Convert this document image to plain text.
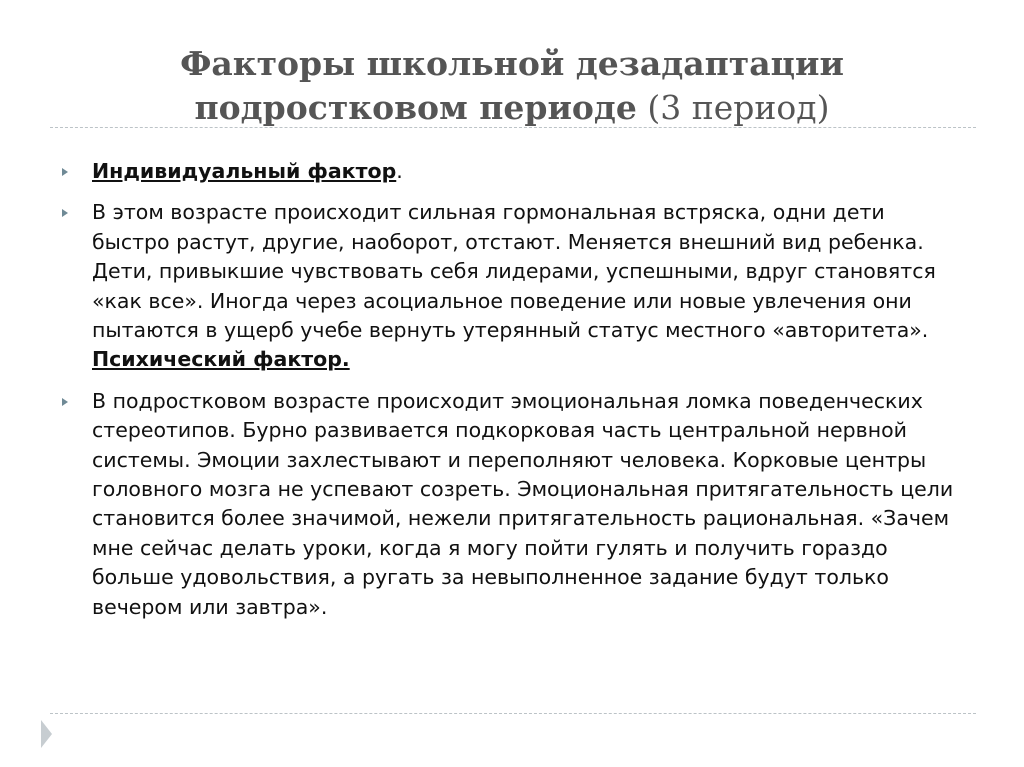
Факторы школьной дезадаптации
подростковом периоде (3 период)
Индивидуальный фактор.
В этом возрасте происходит сильная гормональная встряска, одни дети быстро растут, другие, наоборот, отстают. Меняется внешний вид ребенка. Дети, привыкшие чувствовать себя лидерами, успешными, вдруг становятся «как все». Иногда через асоциальное поведение или новые увлечения они пытаются в ущерб учебе вернуть утерянный статус местного «авторитета».
Психический фактор.
В подростковом возрасте происходит эмоциональная ломка поведенческих стереотипов. Бурно развивается подкорковая часть центральной нервной системы. Эмоции захлестывают и переполняют человека. Корковые центры головного мозга не успевают созреть. Эмоциональная притягательность цели становится более значимой, нежели притягательность рациональная. «Зачем мне сейчас делать уроки, когда я могу пойти гулять и получить гораздо больше удовольствия, а ругать за невыполненное задание будут только вечером или завтра».
